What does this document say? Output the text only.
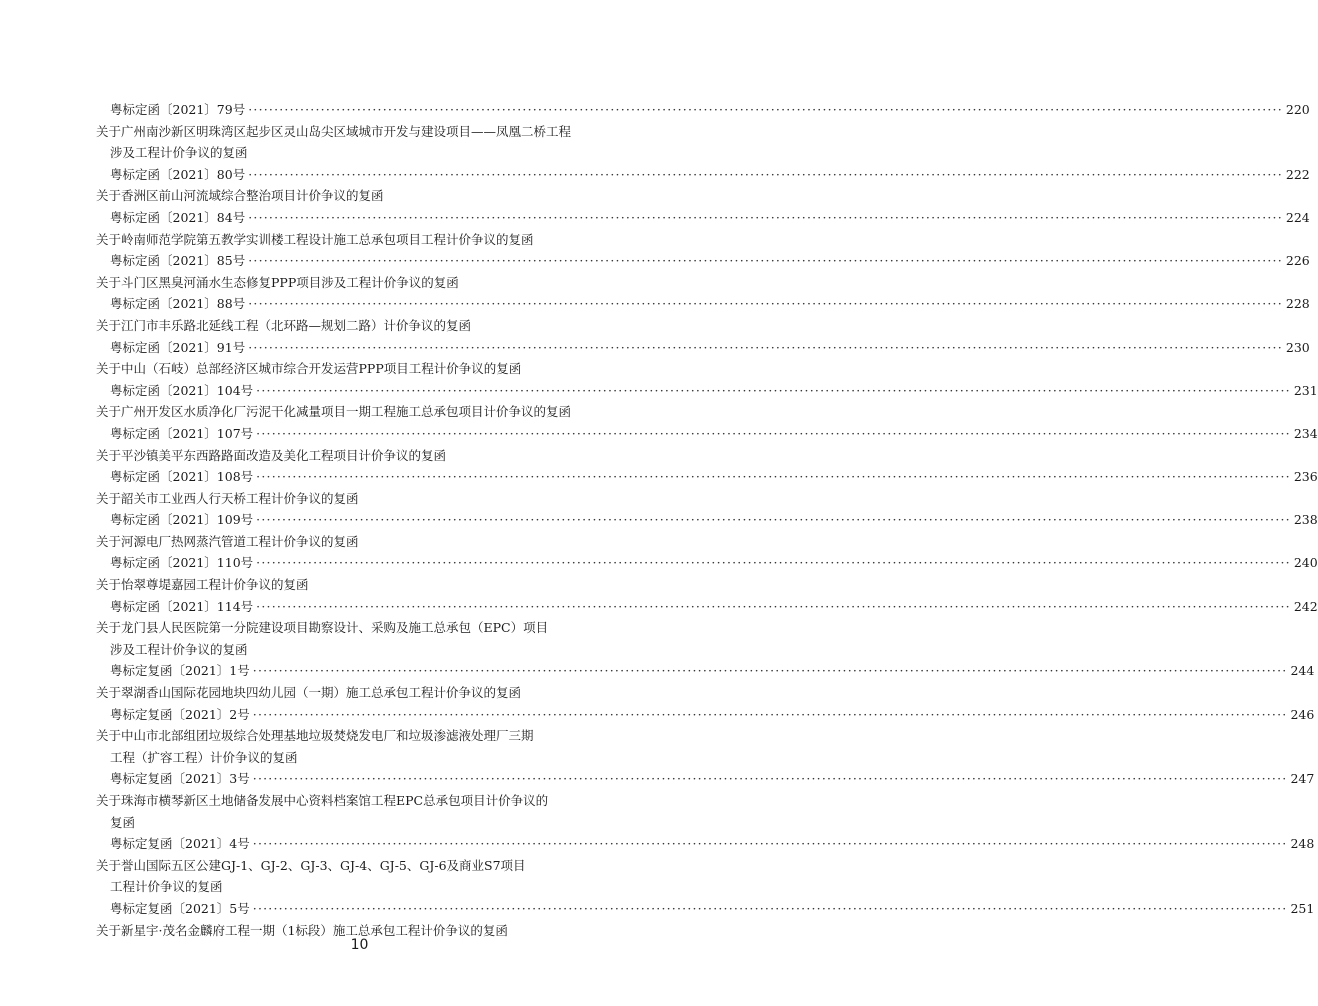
粤标定函〔2021〕79号 ········································································································································································································ 220
关于广州南沙新区明珠湾区起步区灵山岛尖区域城市开发与建设项目——凤凰二桥工程
涉及工程计价争议的复函
粤标定函〔2021〕80号 ········································································································································································································ 222
关于香洲区前山河流域综合整治项目计价争议的复函
粤标定函〔2021〕84号 ········································································································································································································ 224
关于岭南师范学院第五教学实训楼工程设计施工总承包项目工程计价争议的复函
粤标定函〔2021〕85号 ········································································································································································································ 226
关于斗门区黑臭河涌水生态修复PPP项目涉及工程计价争议的复函
粤标定函〔2021〕88号 ········································································································································································································ 228
关于江门市丰乐路北延线工程（北环路—规划二路）计价争议的复函
粤标定函〔2021〕91号 ········································································································································································································ 230
关于中山（石岐）总部经济区城市综合开发运营PPP项目工程计价争议的复函
粤标定函〔2021〕104号 ········································································································································································································ 231
关于广州开发区水质净化厂污泥干化减量项目一期工程施工总承包项目计价争议的复函
粤标定函〔2021〕107号 ········································································································································································································ 234
关于平沙镇美平东西路路面改造及美化工程项目计价争议的复函
粤标定函〔2021〕108号 ········································································································································································································ 236
关于韶关市工业西人行天桥工程计价争议的复函
粤标定函〔2021〕109号 ········································································································································································································ 238
关于河源电厂热网蒸汽管道工程计价争议的复函
粤标定函〔2021〕110号 ········································································································································································································ 240
关于怡翠尊堤嘉园工程计价争议的复函
粤标定函〔2021〕114号 ········································································································································································································ 242
关于龙门县人民医院第一分院建设项目勘察设计、采购及施工总承包（EPC）项目
涉及工程计价争议的复函
粤标定复函〔2021〕1号 ········································································································································································································ 244
关于翠湖香山国际花园地块四幼儿园（一期）施工总承包工程计价争议的复函
粤标定复函〔2021〕2号 ········································································································································································································ 246
关于中山市北部组团垃圾综合处理基地垃圾焚烧发电厂和垃圾渗滤液处理厂三期
工程（扩容工程）计价争议的复函
粤标定复函〔2021〕3号 ········································································································································································································ 247
关于珠海市横琴新区土地储备发展中心资料档案馆工程EPC总承包项目计价争议的
复函
粤标定复函〔2021〕4号 ········································································································································································································ 248
关于誉山国际五区公建GJ-1、GJ-2、GJ-3、GJ-4、GJ-5、GJ-6及商业S7项目
工程计价争议的复函
粤标定复函〔2021〕5号 ········································································································································································································ 251
关于新星宇·茂名金麟府工程一期（1标段）施工总承包工程计价争议的复函
10
